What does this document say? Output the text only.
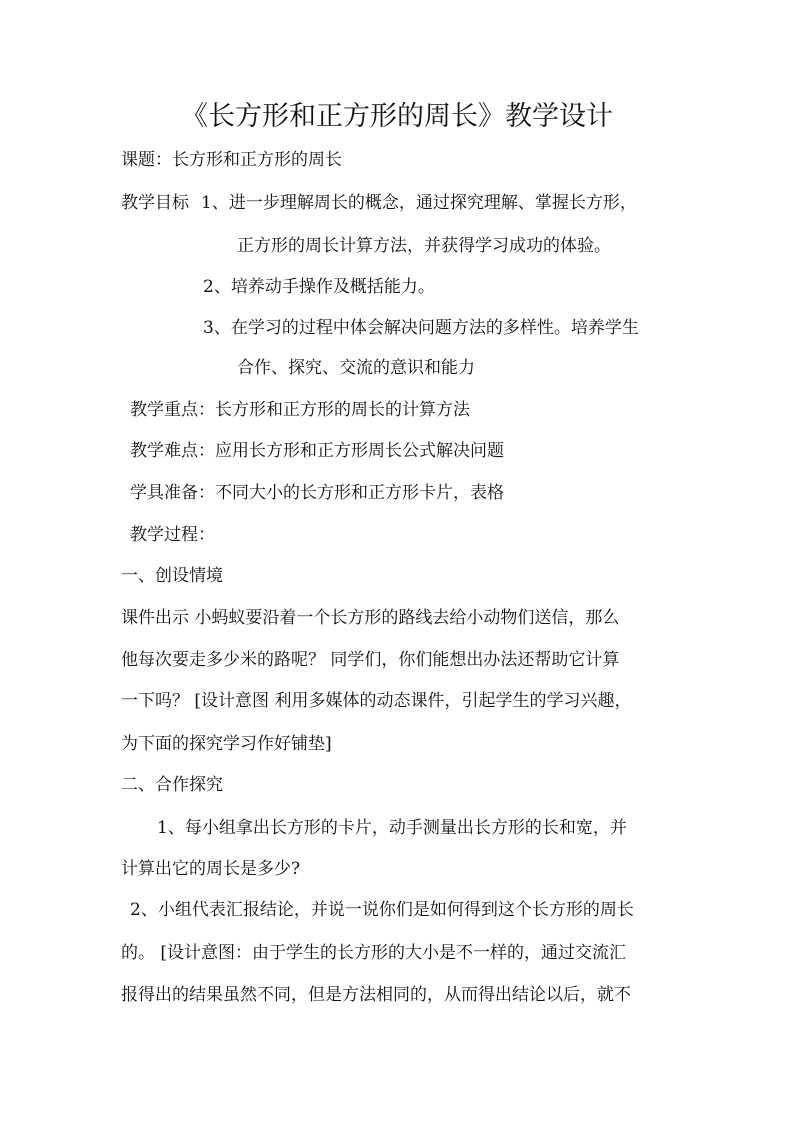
《长方形和正方形的周长》教学设计

课题：长方形和正方形的周长

教学目标 1、进一步理解周长的概念，通过探究理解、掌握长方形，

正方形的周长计算方法，并获得学习成功的体验。

2、培养动手操作及概括能力。

3、在学习的过程中体会解决问题方法的多样性。培养学生

合作、探究、交流的意识和能力

教学重点：长方形和正方形的周长的计算方法

教学难点：应用长方形和正方形周长公式解决问题

学具准备：不同大小的长方形和正方形卡片，表格

教学过程：

一、创设情境

课件出示 小蚂蚁要沿着一个长方形的路线去给小动物们送信，那么

他每次要走多少米的路呢？ 同学们，你们能想出办法还帮助它计算

一下吗？ [设计意图 利用多媒体的动态课件，引起学生的学习兴趣，

为下面的探究学习作好铺垫]

二、合作探究

1、每小组拿出长方形的卡片，动手测量出长方形的长和宽，并

计算出它的周长是多少?

2、小组代表汇报结论，并说一说你们是如何得到这个长方形的周长

的。 [设计意图：由于学生的长方形的大小是不一样的，通过交流汇

报得出的结果虽然不同，但是方法相同的，从而得出结论以后，就不
